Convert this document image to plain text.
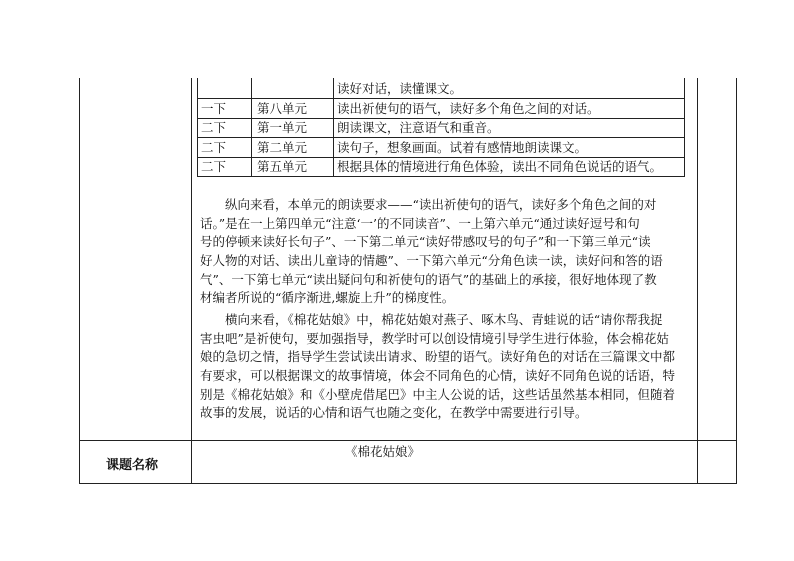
读好对话，读懂课文。
一下 第八单元 读出祈使句的语气，读好多个角色之间的对话。
二下 第一单元 朗读课文，注意语气和重音。
二下 第二单元 读句子，想象画面。试着有感情地朗读课文。
二下 第五单元 根据具体的情境进行角色体验，读出不同角色说话的语气。
纵向来看，本单元的朗读要求——“读出祈使句的语气，读好多个角色之间的对
话。”是在一上第四单元“注意‘一’的不同读音”、一上第六单元“通过读好逗号和句
号的停顿来读好长句子”、一下第二单元“读好带感叹号的句子”和一下第三单元“读
好人物的对话、读出儿童诗的情趣”、一下第六单元“分角色读一读，读好问和答的语
气”、一下第七单元“读出疑问句和祈使句的语气”的基础上的承接，很好地体现了教
材编者所说的“循序渐进,螺旋上升”的梯度性。
横向来看，《棉花姑娘》中，棉花姑娘对燕子、啄木鸟、青蛙说的话“请你帮我捉
害虫吧”是祈使句，要加强指导，教学时可以创设情境引导学生进行体验，体会棉花姑
娘的急切之情，指导学生尝试读出请求、盼望的语气。读好角色的对话在三篇课文中都
有要求，可以根据课文的故事情境，体会不同角色的心情，读好不同角色说的话语，特
别是《棉花姑娘》和《小壁虎借尾巴》中主人公说的话，这些话虽然基本相同，但随着
故事的发展，说话的心情和语气也随之变化，在教学中需要进行引导。
课题名称
《棉花姑娘》
